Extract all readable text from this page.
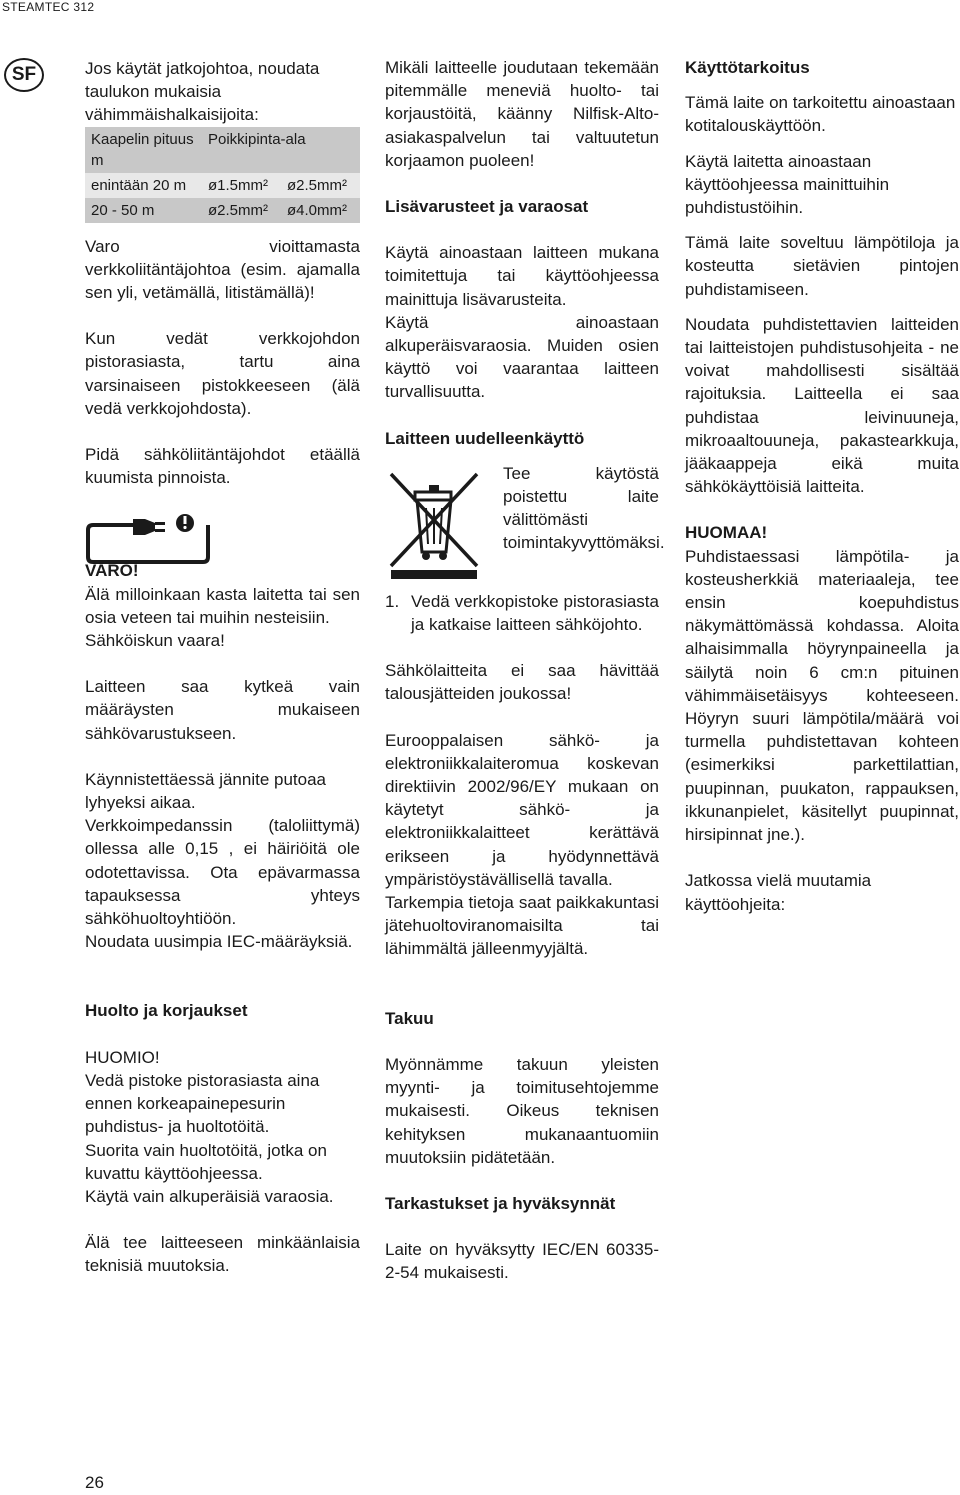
STEAMTEC 312
SF	Jos käytät jatkojohtoa, noudata taulukon mukaisia vähimmäishalkaisijoita:

Kaapelin pituus m	Poikkipinta-ala	
enintään 20 m	ø1.5mm²	ø2.5mm²
20 - 50 m	ø2.5mm²	ø4.0mm²

Varo vioittamasta verkkoliitäntäjohtoa (esim. ajamalla sen yli, vetämällä, litistämällä)!

Kun vedät verkkojohdon pistorasiasta, tartu aina varsinaiseen pistokkeeseen (älä vedä verkkojohdosta).

Pidä sähköliitäntäjohdot etäällä kuumista pinnoista.

VARO!

Älä milloinkaan kasta laitetta tai sen osia veteen tai muihin nesteisiin.

Sähköiskun vaara!

Laitteen saa kytkeä vain määräysten mukaiseen sähkövarustukseen.

Käynnistettäessä jännite putoaa lyhyeksi aikaa.

Verkkoimpedanssin (taloliittymä) ollessa alle 0,15 , ei häiriöitä ole odotettavissa. Ota epävarmassa tapauksessa yhteys sähköhuoltoyhtiöön.

Noudata uusimpia IEC-määräyksiä.

Huolto ja korjaukset

HUOMIO!

Vedä pistoke pistorasiasta aina ennen korkeapainepesurin puhdistus- ja huoltotöitä.

Suorita vain huoltotöitä, jotka on kuvattu käyttöohjeessa.

Käytä vain alkuperäisiä varaosia.

Älä tee laitteeseen minkäänlaisia teknisiä muutoksia.

Mikäli laitteelle joudutaan tekemään pitemmälle meneviä huolto- tai korjaustöitä, käänny Nilfisk-Alto-asiakaspalvelun tai valtuutetun korjaamon puoleen!

Lisävarusteet ja varaosat

Käytä ainoastaan laitteen mukana toimitettuja tai käyttöohjeessa mainittuja lisävarusteita.

Käytä ainoastaan alkuperäisvaraosia. Muiden osien käyttö voi vaarantaa laitteen turvallisuutta.

Laitteen uudelleenkäyttö

Tee käytöstä poistettu laite välittömästi toimintakyvyttömäksi.

1. Vedä verkkopistoke pistorasiasta ja katkaise laitteen sähköjohto.

Sähkölaitteita ei saa hävittää talousjätteiden joukossa!

Eurooppalaisen sähkö- ja elektroniikkalaiteromua koskevan direktiivin 2002/96/EY mukaan on käytetyt sähkö- ja elektroniikkalaitteet kerättävä erikseen ja hyödynnettävä ympäristöystävällisellä tavalla.

Tarkempia tietoja saat paikkakuntasi jätehuoltoviranomaisilta tai lähimmältä jälleenmyyjältä.

Takuu

Myönnämme takuun yleisten myynti- ja toimitusehtojemme mukaisesti. Oikeus teknisen kehityksen mukanaantuomiin muutoksiin pidätetään.

Tarkastukset ja hyväksynnät

Laite on hyväksytty IEC/EN 60335-2-54 mukaisesti.

Käyttötarkoitus

Tämä laite on tarkoitettu ainoastaan kotitalouskäyttöön.

Käytä laitetta ainoastaan käyttöohjeessa mainittuihin puhdistustöihin.

Tämä laite soveltuu lämpötiloja ja kosteutta sietävien pintojen puhdistamiseen.

Noudata puhdistettavien laitteiden tai laitteistojen puhdistusohjeita - ne voivat mahdollisesti sisältää rajoituksia. Laitteella ei saa puhdistaa leivinuuneja, mikroaaltouuneja, pakastearkkuja, jääkaappeja eikä muita sähkökäyttöisiä laitteita.

HUOMAA!

Puhdistaessasi lämpötila- ja kosteusherkkiä materiaaleja, tee ensin koepuhdistus näkymättömässä kohdassa. Aloita alhaisimmalla höyrynpaineella ja säilytä noin 6 cm:n pituinen vähimmäisetäisyys kohteeseen. Höyryn suuri lämpötila/määrä voi turmella puhdistettavan kohteen (esimerkiksi parkettilattian, puupinnan, puukaton, rappauksen, ikkunanpielet, käsitellyt puupinnat, hirsipinnat jne.).

Jatkossa vielä muutamia käyttöohjeita:

26
